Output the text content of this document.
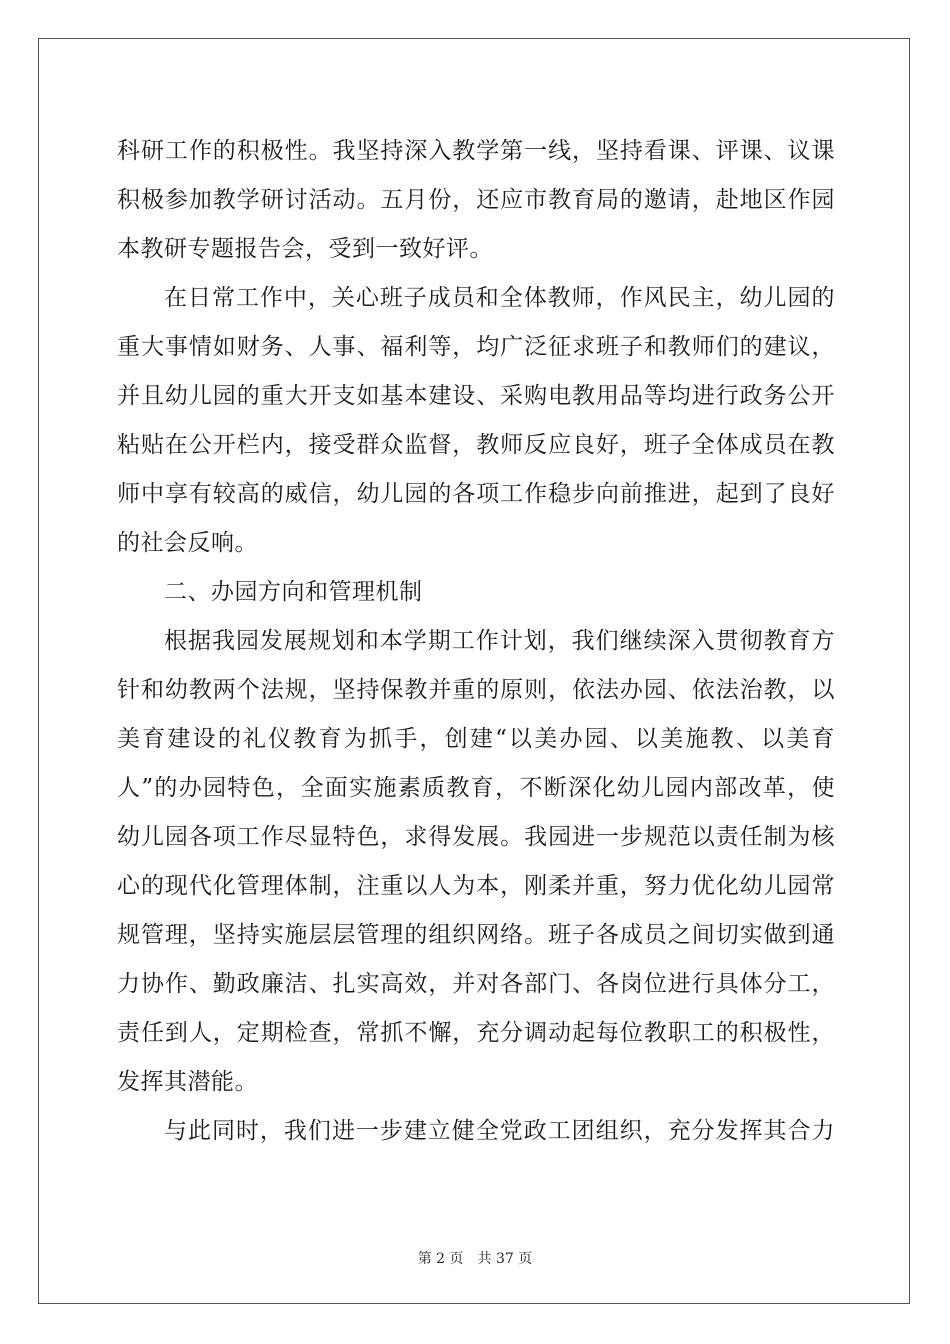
科研工作的积极性。我坚持深入教学第一线，坚持看课、评课、议课
积极参加教学研讨活动。五月份，还应市教育局的邀请，赴地区作园
本教研专题报告会，受到一致好评。
在日常工作中，关心班子成员和全体教师，作风民主，幼儿园的
重大事情如财务、人事、福利等，均广泛征求班子和教师们的建议，
并且幼儿园的重大开支如基本建设、采购电教用品等均进行政务公开
粘贴在公开栏内，接受群众监督，教师反应良好，班子全体成员在教
师中享有较高的威信，幼儿园的各项工作稳步向前推进，起到了良好
的社会反响。
二、办园方向和管理机制
根据我园发展规划和本学期工作计划，我们继续深入贯彻教育方
针和幼教两个法规，坚持保教并重的原则，依法办园、依法治教，以
美育建设的礼仪教育为抓手，创建“以美办园、以美施教、以美育
人”的办园特色，全面实施素质教育，不断深化幼儿园内部改革，使
幼儿园各项工作尽显特色，求得发展。我园进一步规范以责任制为核
心的现代化管理体制，注重以人为本，刚柔并重，努力优化幼儿园常
规管理，坚持实施层层管理的组织网络。班子各成员之间切实做到通
力协作、勤政廉洁、扎实高效，并对各部门、各岗位进行具体分工，
责任到人，定期检查，常抓不懈，充分调动起每位教职工的积极性，
发挥其潜能。
与此同时，我们进一步建立健全党政工团组织，充分发挥其合力
第 2 页 共 37 页
